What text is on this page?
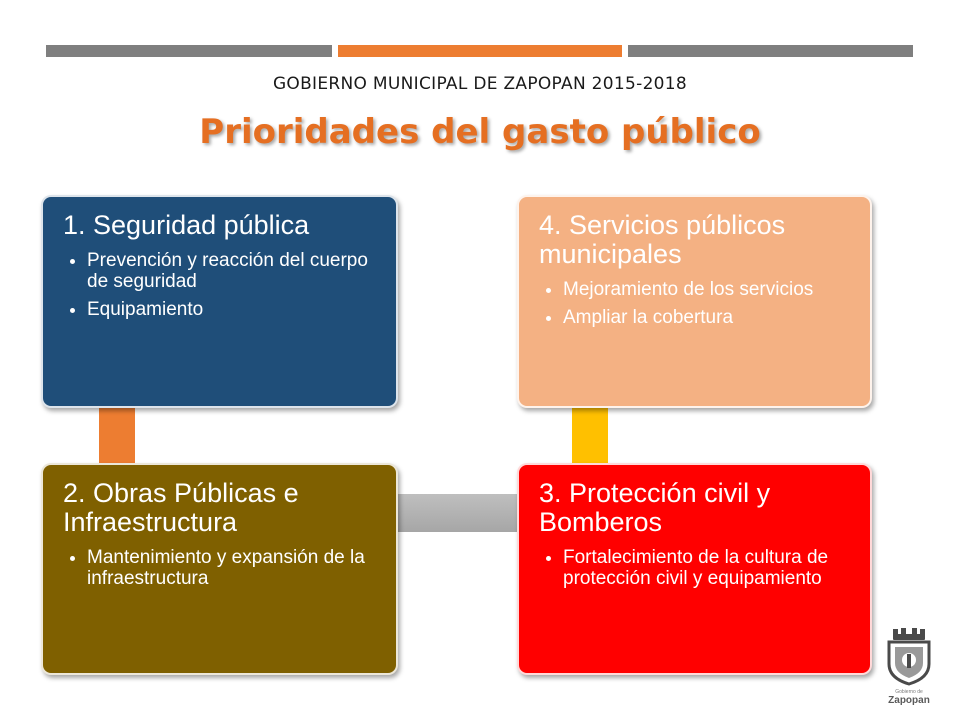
GOBIERNO MUNICIPAL DE ZAPOPAN 2015-2018
Prioridades del gasto público
1. Seguridad pública
• Prevención y reacción del cuerpo de seguridad
• Equipamiento
4. Servicios públicos municipales
• Mejoramiento de los servicios
• Ampliar la cobertura
2. Obras Públicas e Infraestructura
• Mantenimiento y expansión de la infraestructura
3. Protección civil y Bomberos
• Fortalecimiento de la cultura de protección civil y equipamiento
Gobierno de
Zapopan
